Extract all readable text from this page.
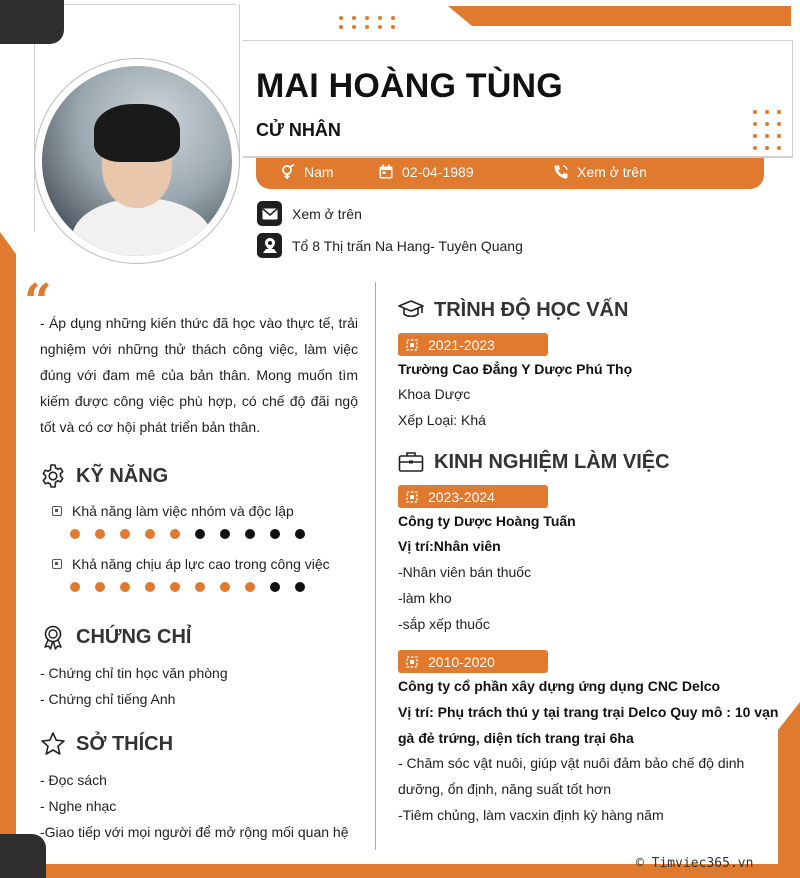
MAI HOÀNG TÙNG
CỬ NHÂN
Nam	02-04-1989	Xem ở trên
Xem ở trên
Tổ 8 Thị trấn Na Hang- Tuyên Quang
“
- Áp dụng những kiến thức đã học vào thực tế, trải nghiệm với những thử thách công việc, làm việc đúng với đam mê của bản thân. Mong muốn tìm kiếm được công việc phù hợp, có chế độ đãi ngộ tốt và có cơ hội phát triển bản thân.
KỸ NĂNG
Khả năng làm việc nhóm và độc lập
Khả năng chịu áp lực cao trong công việc
CHỨNG CHỈ
- Chứng chỉ tin học văn phòng
- Chứng chỉ tiếng Anh
SỞ THÍCH
- Đọc sách
- Nghe nhạc
-Giao tiếp với mọi người để mở rộng mối quan hệ
TRÌNH ĐỘ HỌC VẤN
2021-2023
Trường Cao Đẳng Y Dược Phú Thọ
Khoa Dược
Xếp Loại: Khá
KINH NGHIỆM LÀM VIỆC
2023-2024
Công ty Dược Hoàng Tuấn
Vị trí:Nhân viên
-Nhân viên bán thuốc
-làm kho
-sắp xếp thuốc
2010-2020
Công ty cổ phần xây dựng ứng dụng CNC Delco
Vị trí: Phụ trách thú y tại trang trại Delco Quy mô : 10 vạn
gà đẻ trứng, diện tích trang trại 6ha
- Chăm sóc vật nuôi, giúp vật nuôi đảm bảo chế độ dinh
dưỡng, ổn định, năng suất tốt hơn
-Tiêm chủng, làm vacxin định kỳ hàng năm
© Timviec365.vn
